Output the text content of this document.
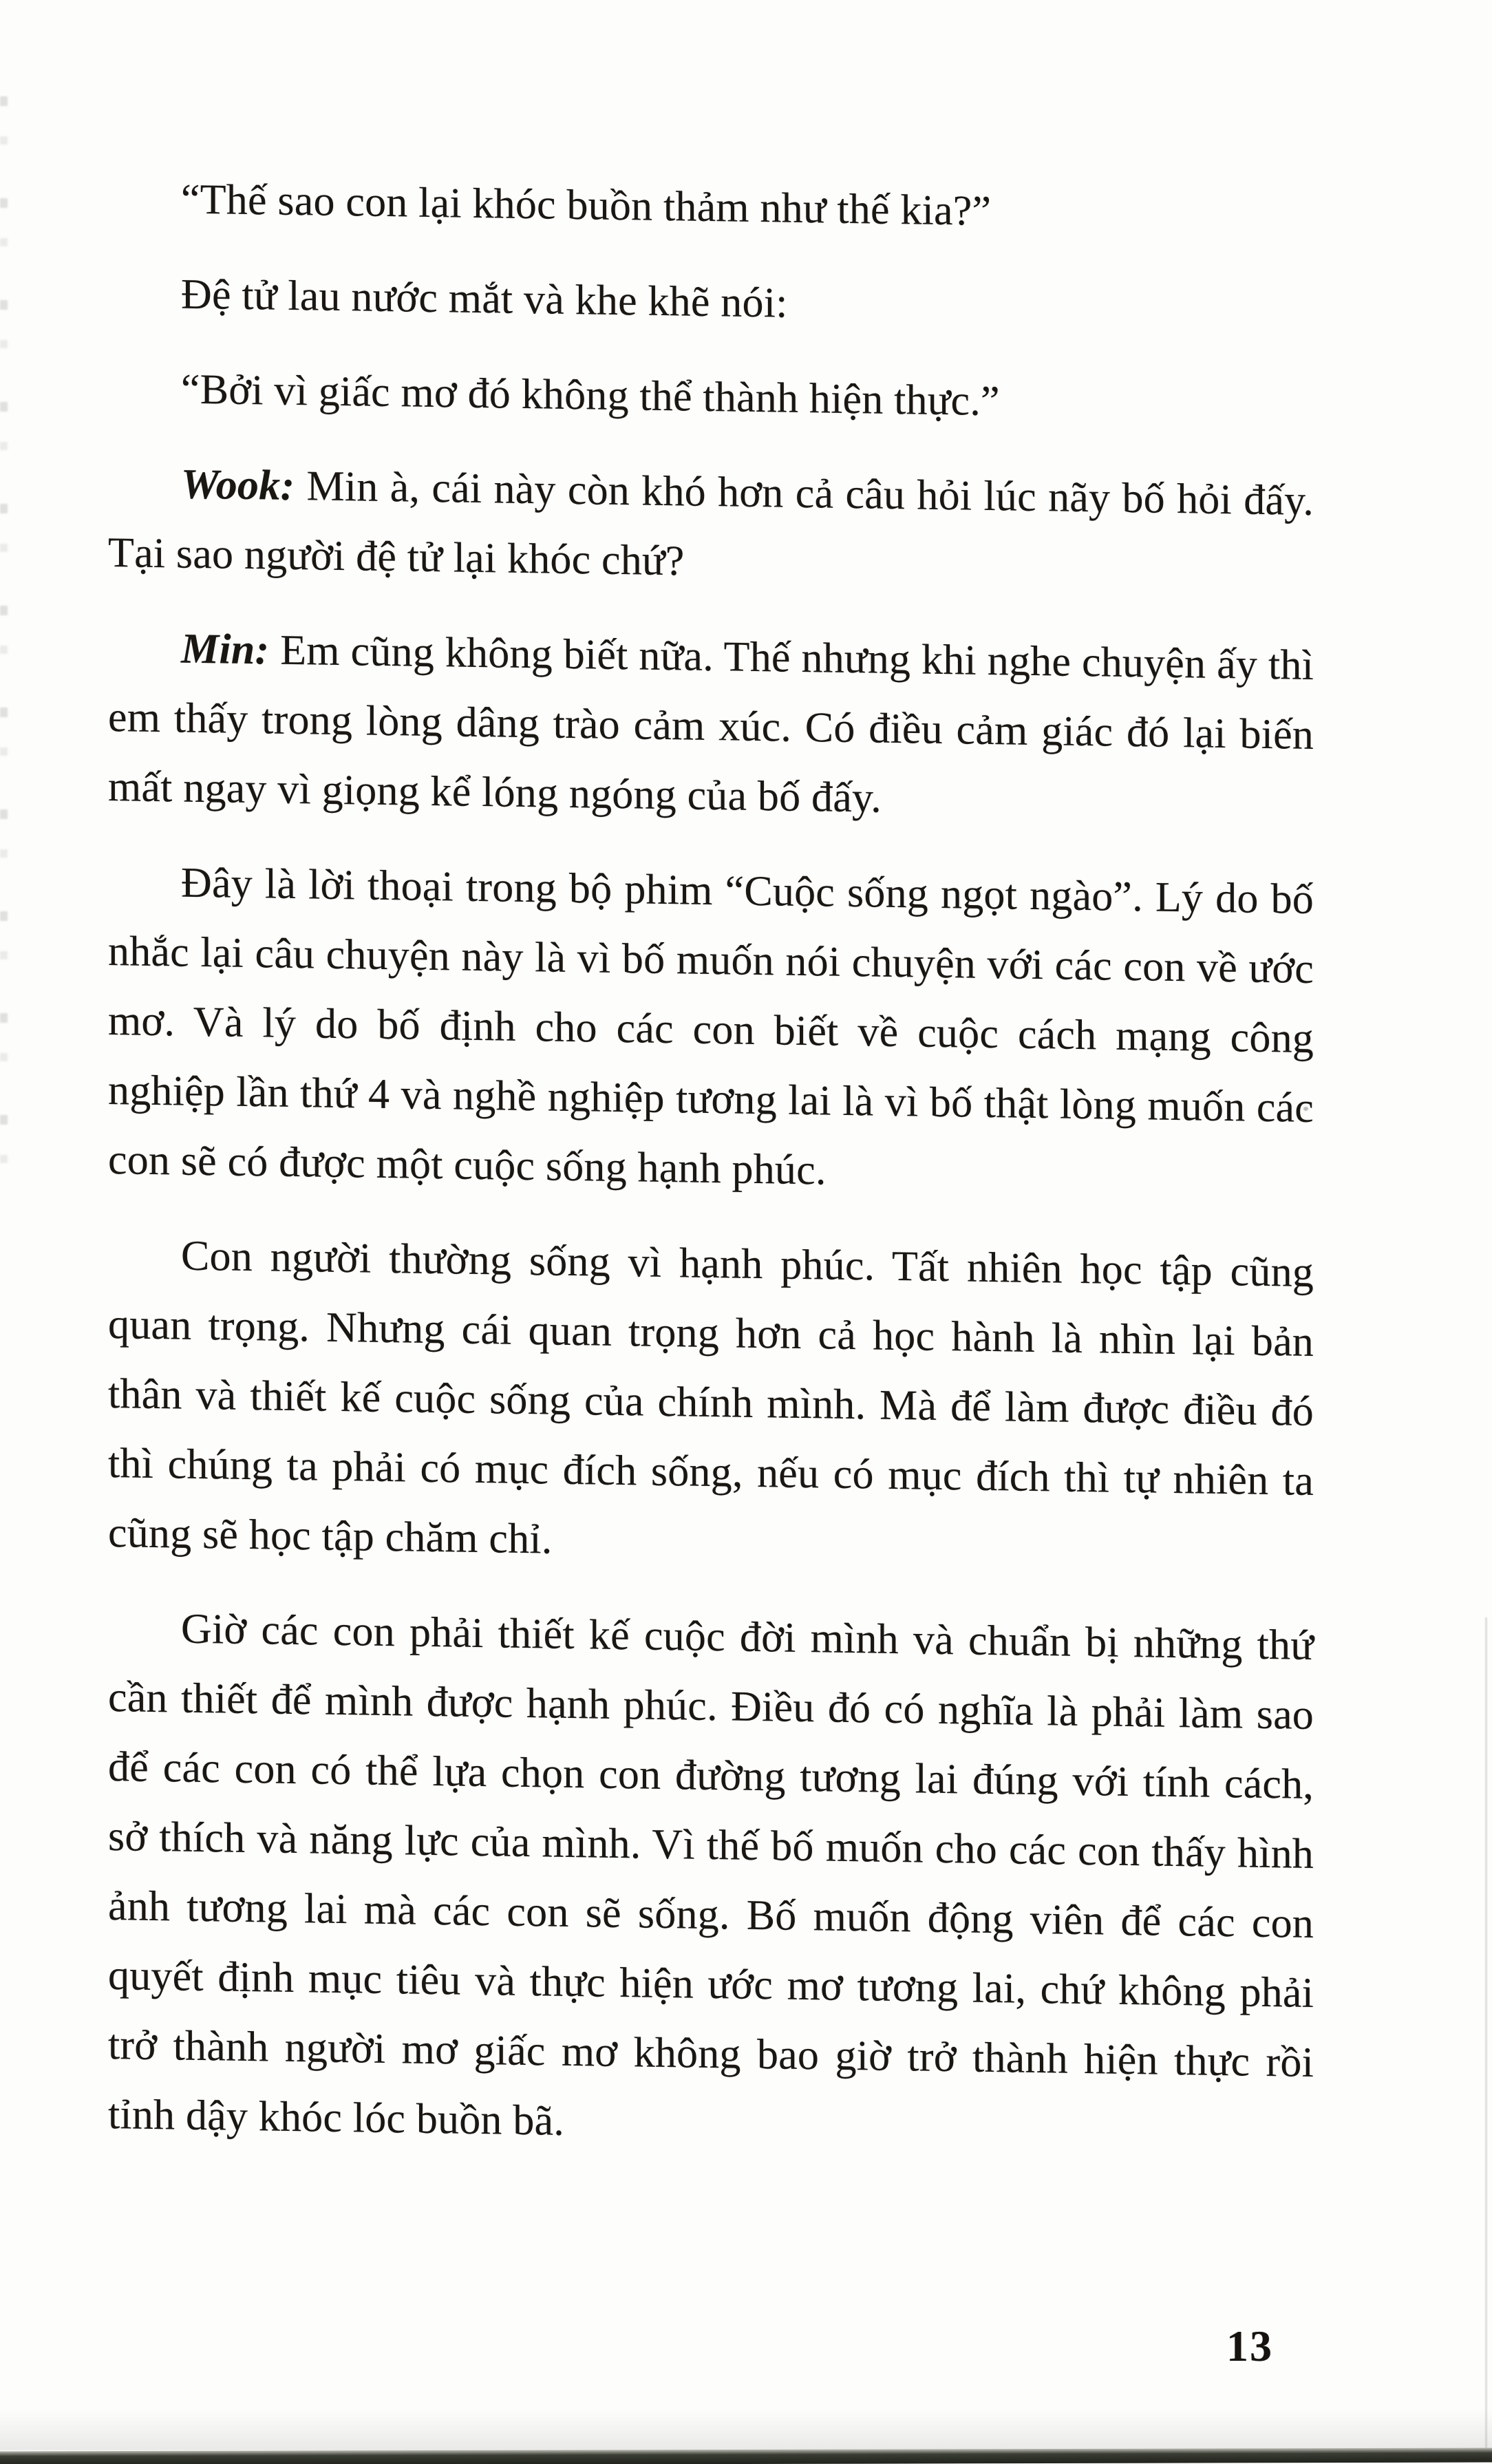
“Thế sao con lại khóc buồn thảm như thế kia?”

Đệ tử lau nước mắt và khe khẽ nói:

“Bởi vì giấc mơ đó không thể thành hiện thực.”

Wook: Min à, cái này còn khó hơn cả câu hỏi lúc nãy bố hỏi đấy. Tại sao người đệ tử lại khóc chứ?

Min: Em cũng không biết nữa. Thế nhưng khi nghe chuyện ấy thì em thấy trong lòng dâng trào cảm xúc. Có điều cảm giác đó lại biến mất ngay vì giọng kể lóng ngóng của bố đấy.

Đây là lời thoại trong bộ phim “Cuộc sống ngọt ngào”. Lý do bố nhắc lại câu chuyện này là vì bố muốn nói chuyện với các con về ước mơ. Và lý do bố định cho các con biết về cuộc cách mạng công nghiệp lần thứ 4 và nghề nghiệp tương lai là vì bố thật lòng muốn các con sẽ có được một cuộc sống hạnh phúc.

Con người thường sống vì hạnh phúc. Tất nhiên học tập cũng quan trọng. Nhưng cái quan trọng hơn cả học hành là nhìn lại bản thân và thiết kế cuộc sống của chính mình. Mà để làm được điều đó thì chúng ta phải có mục đích sống, nếu có mục đích thì tự nhiên ta cũng sẽ học tập chăm chỉ.

Giờ các con phải thiết kế cuộc đời mình và chuẩn bị những thứ cần thiết để mình được hạnh phúc. Điều đó có nghĩa là phải làm sao để các con có thể lựa chọn con đường tương lai đúng với tính cách, sở thích và năng lực của mình. Vì thế bố muốn cho các con thấy hình ảnh tương lai mà các con sẽ sống. Bố muốn động viên để các con quyết định mục tiêu và thực hiện ước mơ tương lai, chứ không phải trở thành người mơ giấc mơ không bao giờ trở thành hiện thực rồi tỉnh dậy khóc lóc buồn bã.

13
